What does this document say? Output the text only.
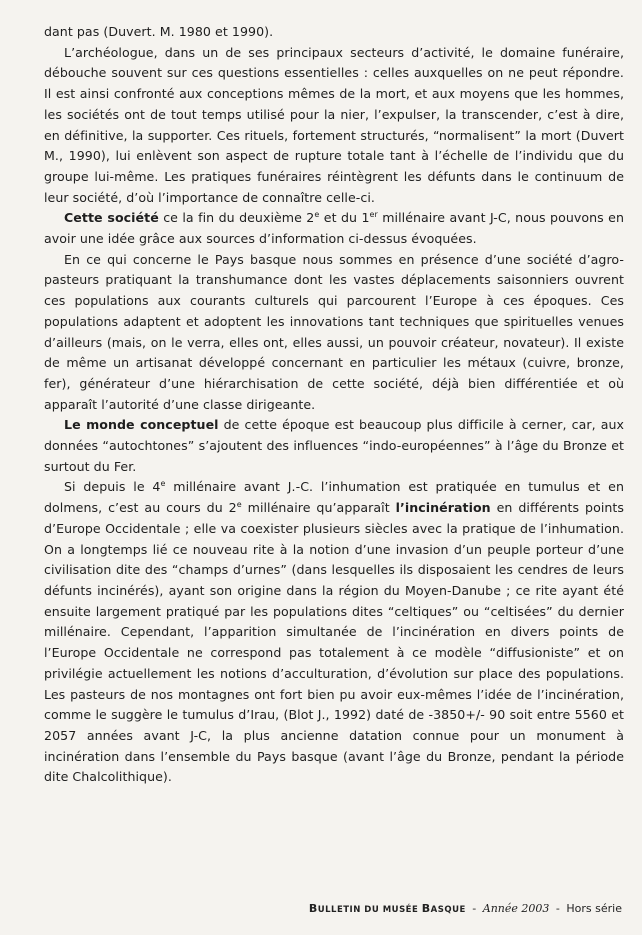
dant pas (Duvert. M. 1980 et 1990).

L’archéologue, dans un de ses principaux secteurs d’activité, le domaine funéraire, débouche souvent sur ces questions essentielles : celles auxquelles on ne peut répondre. Il est ainsi confronté aux conceptions mêmes de la mort, et aux moyens que les hommes, les sociétés ont de tout temps utilisé pour la nier, l’expulser, la transcender, c’est à dire, en définitive, la supporter. Ces rituels, fortement structurés, “normalisent” la mort (Duvert M., 1990), lui enlèvent son aspect de rupture totale tant à l’échelle de l’individu que du groupe lui-même. Les pratiques funéraires réintègrent les défunts dans le continuum de leur société, d’où l’importance de connaître celle-ci.

Cette société ce la fin du deuxième 2e et du 1er millénaire avant J-C, nous pouvons en avoir une idée grâce aux sources d’information ci-dessus évoquées.

En ce qui concerne le Pays basque nous sommes en présence d’une société d’agro-pasteurs pratiquant la transhumance dont les vastes déplacements saisonniers ouvrent ces populations aux courants culturels qui parcourent l’Europe à ces époques. Ces populations adaptent et adoptent les innovations tant techniques que spirituelles venues d’ailleurs (mais, on le verra, elles ont, elles aussi, un pouvoir créateur, novateur). Il existe de même un artisanat développé concernant en particulier les métaux (cuivre, bronze, fer), générateur d’une hiérarchisation de cette société, déjà bien différentiée et où apparaît l’autorité d’une classe dirigeante.

Le monde conceptuel de cette époque est beaucoup plus difficile à cerner, car, aux données “autochtones” s’ajoutent des influences “indo-européennes” à l’âge du Bronze et surtout du Fer.

Si depuis le 4e millénaire avant J.-C. l’inhumation est pratiquée en tumulus et en dolmens, c’est au cours du 2e millénaire qu’apparaît l’incinération en différents points d’Europe Occidentale ; elle va coexister plusieurs siècles avec la pratique de l’inhumation. On a longtemps lié ce nouveau rite à la notion d’une invasion d’un peuple porteur d’une civilisation dite des “champs d’urnes” (dans lesquelles ils disposaient les cendres de leurs défunts incinérés), ayant son origine dans la région du Moyen-Danube ; ce rite ayant été ensuite largement pratiqué par les populations dites “celtiques” ou “celtisées” du dernier millénaire. Cependant, l’apparition simultanée de l’incinération en divers points de l’Europe Occidentale ne correspond pas totalement à ce modèle “diffusioniste” et on privilégie actuellement les notions d’acculturation, d’évolution sur place des populations. Les pasteurs de nos montagnes ont fort bien pu avoir eux-mêmes l’idée de l’incinération, comme le suggère le tumulus d’Irau, (Blot J., 1992) daté de -3850+/- 90 soit entre 5560 et 2057 années avant J-C, la plus ancienne datation connue pour un monument à incinération dans l’ensemble du Pays basque (avant l’âge du Bronze, pendant la période dite Chalcolithique).

BULLETIN DU MUSÉE BASQUE - Année 2003 - Hors série
